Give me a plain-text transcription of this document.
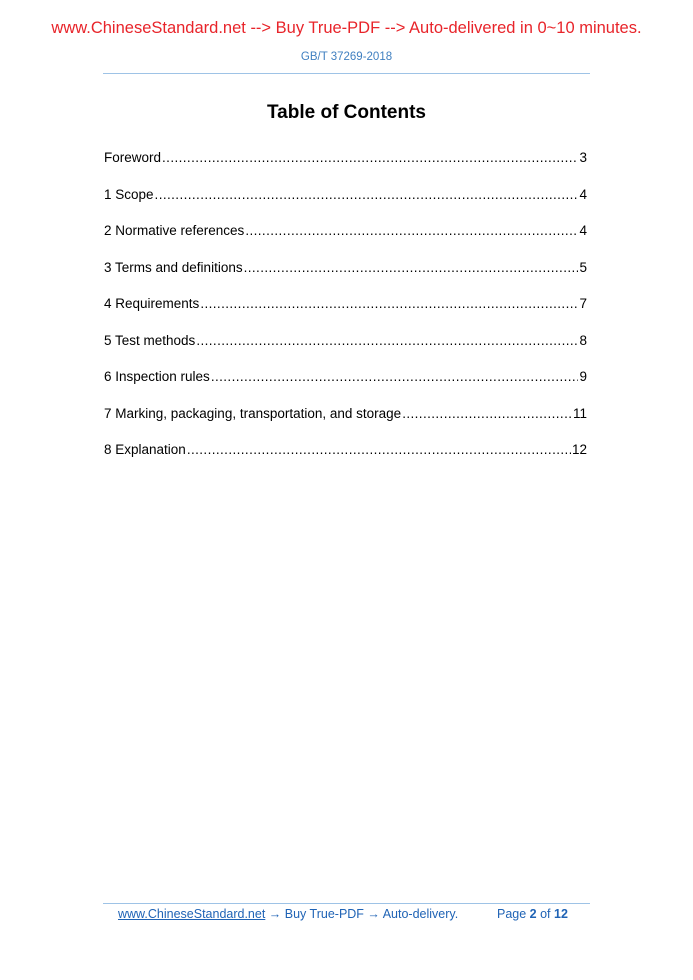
www.ChineseStandard.net --> Buy True-PDF --> Auto-delivered in 0~10 minutes.
GB/T 37269-2018
Table of Contents
Foreword .....	3
1 Scope .....	4
2 Normative references .....	4
3 Terms and definitions .....	5
4 Requirements .....	7
5 Test methods .....	8
6 Inspection rules .....	9
7 Marking, packaging, transportation, and storage .....	11
8 Explanation .....	12
www.ChineseStandard.net → Buy True-PDF → Auto-delivery.	Page 2 of 12
